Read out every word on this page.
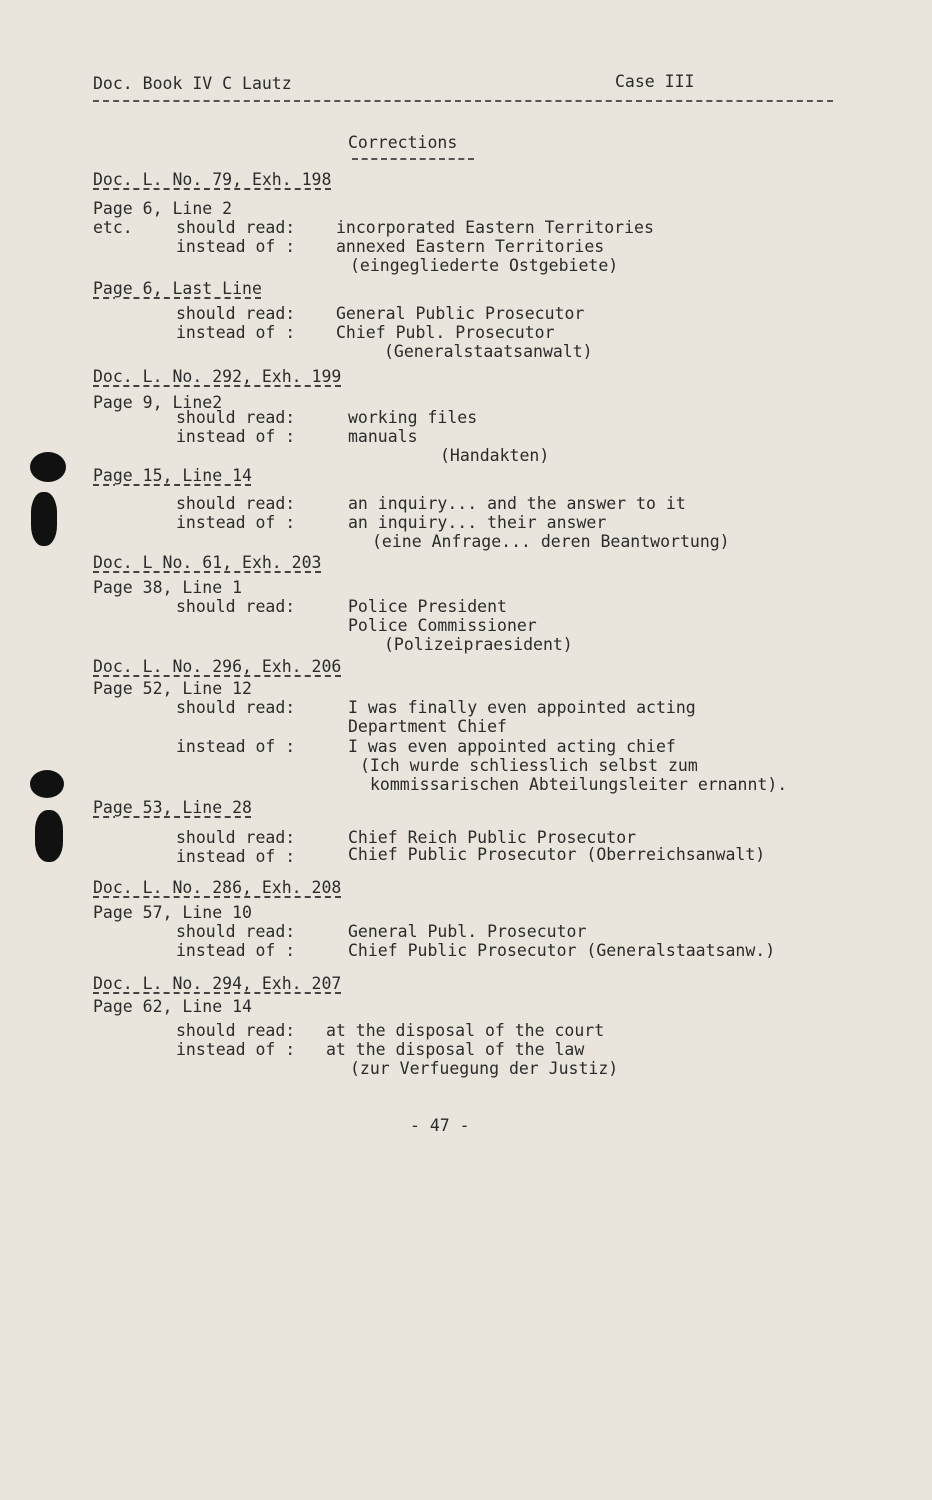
Doc. Book IV C Lautz	Case III
Corrections
Doc. L. No. 79, Exh. 198
Page 6, Line 2
etc.	should read: incorporated Eastern Territories
instead of : annexed Eastern Territories
(eingegliederte Ostgebiete)
Page 6, Last Line
should read: General Public Prosecutor
instead of : Chief Publ. Prosecutor
(Generalstaatsanwalt)
Doc. L. No. 292, Exh. 199
Page 9, Line2
should read:	working files
instead of :	manuals
(Handakten)
Page 15, Line 14
should read:	an inquiry... and the answer to it
instead of :	an inquiry... their answer
(eine Anfrage... deren Beantwortung)
Doc. L No. 61, Exh. 203
Page 38, Line 1
should read:	Police President
Police Commissioner
(Polizeipraesident)
Doc. L. No. 296, Exh. 206
Page 52, Line 12
should read:	I was finally even appointed acting
Department Chief
instead of :	I was even appointed acting chief
(Ich wurde schliesslich selbst zum
kommissarischen Abteilungsleiter ernannt).
Page 53, Line 28
should read:	Chief Reich Public Prosecutor
instead of :	Chief Public Prosecutor (Oberreichsanwalt)
Doc. L. No. 286, Exh. 208
Page 57, Line 10
should read:	General Publ. Prosecutor
instead of :	Chief Public Prosecutor (Generalstaatsanw.)
Doc. L. No. 294, Exh. 207
Page 62, Line 14
should read: at the disposal of the court
instead of : at the disposal of the law
(zur Verfuegung der Justiz)
- 47 -
